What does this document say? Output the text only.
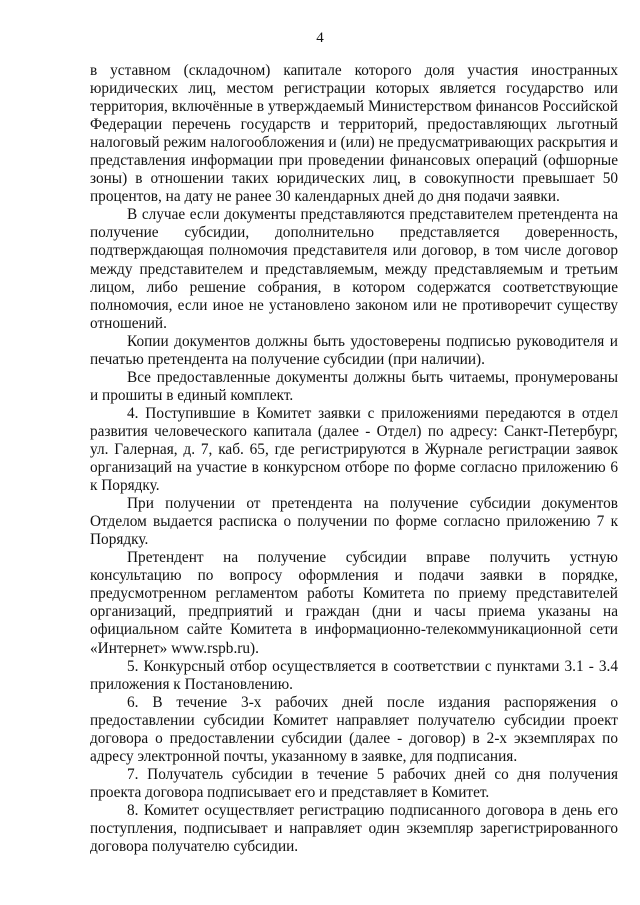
4

в уставном (складочном) капитале которого доля участия иностранных юридических лиц, местом регистрации которых является государство или территория, включённые в утверждаемый Министерством финансов Российской Федерации перечень государств и территорий, предоставляющих льготный налоговый режим налогообложения и (или) не предусматривающих раскрытия и представления информации при проведении финансовых операций (офшорные зоны) в отношении таких юридических лиц, в совокупности превышает 50 процентов, на дату не ранее 30 календарных дней до дня подачи заявки.

В случае если документы представляются представителем претендента на получение субсидии, дополнительно представляется доверенность, подтверждающая полномочия представителя или договор, в том числе договор между представителем и представляемым, между представляемым и третьим лицом, либо решение собрания, в котором содержатся соответствующие полномочия, если иное не установлено законом или не противоречит существу отношений.

Копии документов должны быть удостоверены подписью руководителя и печатью претендента на получение субсидии (при наличии).

Все предоставленные документы должны быть читаемы, пронумерованы и прошиты в единый комплект.

4. Поступившие в Комитет заявки с приложениями передаются в отдел развития человеческого капитала (далее - Отдел) по адресу: Санкт-Петербург, ул. Галерная, д. 7, каб. 65, где регистрируются в Журнале регистрации заявок организаций на участие в конкурсном отборе по форме согласно приложению 6 к Порядку.

При получении от претендента на получение субсидии документов Отделом выдается расписка о получении по форме согласно приложению 7 к Порядку.

Претендент на получение субсидии вправе получить устную консультацию по вопросу оформления и подачи заявки в порядке, предусмотренном регламентом работы Комитета по приему представителей организаций, предприятий и граждан (дни и часы приема указаны на официальном сайте Комитета в информационно-телекоммуникационной сети «Интернет» www.rspb.ru).

5. Конкурсный отбор осуществляется в соответствии с пунктами 3.1 - 3.4 приложения к Постановлению.

6. В течение 3-х рабочих дней после издания распоряжения о предоставлении субсидии Комитет направляет получателю субсидии проект договора о предоставлении субсидии (далее - договор) в 2-х экземплярах по адресу электронной почты, указанному в заявке, для подписания.

7. Получатель субсидии в течение 5 рабочих дней со дня получения проекта договора подписывает его и представляет в Комитет.

8. Комитет осуществляет регистрацию подписанного договора в день его поступления, подписывает и направляет один экземпляр зарегистрированного договора получателю субсидии.
